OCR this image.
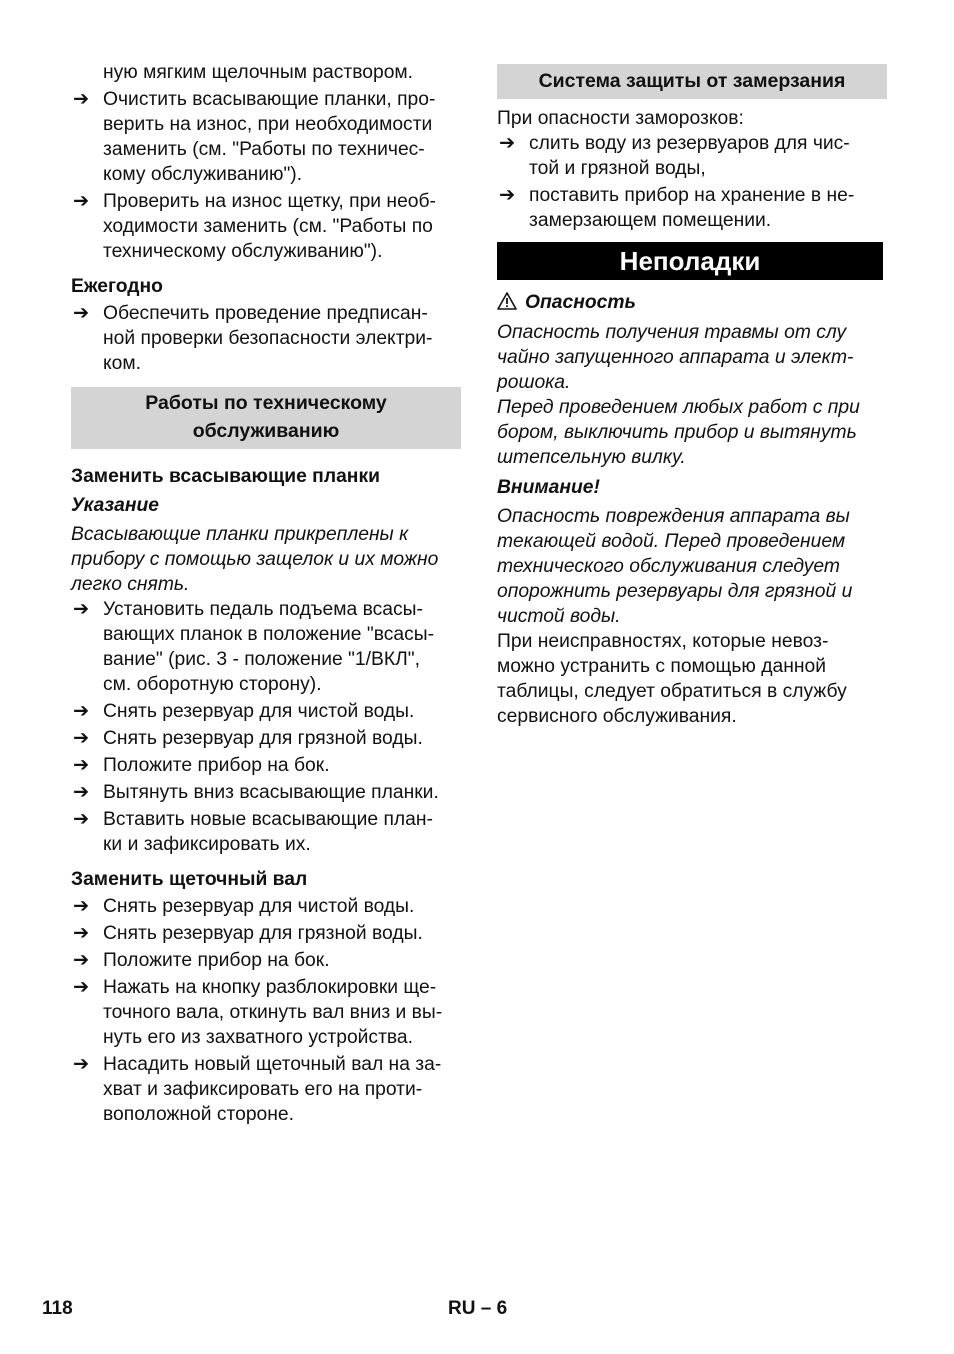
ную мягким щелочным раствором.

➔ Очистить всасывающие планки, про-
верить на износ, при необходимости
заменить (см. "Работы по техничес-
кому обслуживанию").
➔ Проверить на износ щетку, при необ-
ходимости заменить (см. "Работы по
техническому обслуживанию").

Ежегодно

➔ Обеспечить проведение предписан-
ной проверки безопасности электри-
ком.
Работы по техническому
обслуживанию

Заменить всасывающие планки

Указание

Всасывающие планки прикреплены к
прибору с помощью защелок и их можно
легко снять.

➔ Установить педаль подъема всасы-
вающих планок в положение "всасы-
вание" (рис. 3 - положение "1/ВКЛ",
см. оборотную сторону).
➔ Снять резервуар для чистой воды.
➔ Снять резервуар для грязной воды.
➔ Положите прибор на бок.
➔ Вытянуть вниз всасывающие планки.
➔ Вставить новые всасывающие план-
ки и зафиксировать их.

Заменить щеточный вал

➔ Снять резервуар для чистой воды.
➔ Снять резервуар для грязной воды.
➔ Положите прибор на бок.
➔ Нажать на кнопку разблокировки ще-
точного вала, откинуть вал вниз и вы-
нуть его из захватного устройства.
➔ Насадить новый щеточный вал на за-
хват и зафиксировать его на проти-
воположной стороне.
Система защиты от замерзания

При опасности заморозков:

➔ слить воду из резервуаров для чис-
той и грязной воды,
➔ поставить прибор на хранение в не-
замерзающем помещении.
Неполадки

Опасность

Опасность получения травмы от слу
чайно запущенного аппарата и элект-
рошока.
Перед проведением любых работ с при
бором, выключить прибор и вытянуть
штепсельную вилку.

Внимание!

Опасность повреждения аппарата вы
текающей водой. Перед проведением
технического обслуживания следует
опорожнить резервуары для грязной и
чистой воды.

При неисправностях, которые невоз-
можно устранить с помощью данной
таблицы, следует обратиться в службу
сервисного обслуживания.

118	RU – 6
